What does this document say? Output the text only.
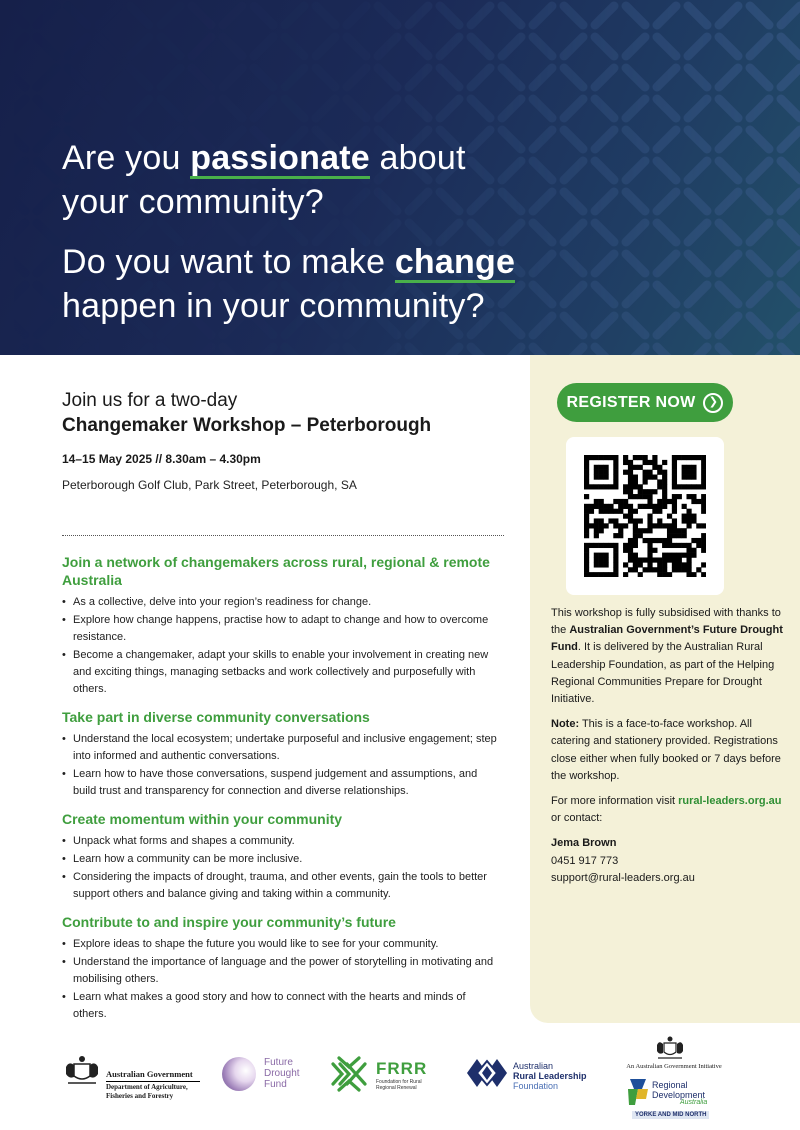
Are you passionate about
your community?
Do you want to make change
happen in your community?
Join us for a two-day
Changemaker Workshop – Peterborough
14–15 May 2025 // 8.30am – 4.30pm
Peterborough Golf Club, Park Street, Peterborough, SA
Join a network of changemakers across rural, regional & remote Australia
• As a collective, delve into your region’s readiness for change.
• Explore how change happens, practise how to adapt to change and how to overcome resistance.
• Become a changemaker, adapt your skills to enable your involvement in creating new and exciting things, managing setbacks and work collectively and purposefully with others.
Take part in diverse community conversations
• Understand the local ecosystem; undertake purposeful and inclusive engagement; step into informed and authentic conversations.
• Learn how to have those conversations, suspend judgement and assumptions, and build trust and transparency for connection and diverse relationships.
Create momentum within your community
• Unpack what forms and shapes a community.
• Learn how a community can be more inclusive.
• Considering the impacts of drought, trauma, and other events, gain the tools to better support others and balance giving and taking within a community.
Contribute to and inspire your community’s future
• Explore ideas to shape the future you would like to see for your community.
• Understand the importance of language and the power of storytelling in motivating and mobilising others.
• Learn what makes a good story and how to connect with the hearts and minds of others.
REGISTER NOW	❯

This workshop is fully subsidised with thanks to the Australian Government’s Future Drought Fund. It is delivered by the Australian Rural Leadership Foundation, as part of the Helping Regional Communities Prepare for Drought Initiative.

Note: This is a face-to-face workshop. All catering and stationery provided. Registrations close either when fully booked or 7 days before the workshop.

For more information visit rural-leaders.org.au or contact:

Jema Brown
0451 917 773
support@rural-leaders.org.au
Australian Government
Department of Agriculture,
Fisheries and Forestry
Future
Drought
Fund
FRRR
Foundation for Rural
Regional Renewal
Australian
Rural Leadership
Foundation
An Australian Government Initiative
Regional
Development
Australia
YORKE AND MID NORTH
